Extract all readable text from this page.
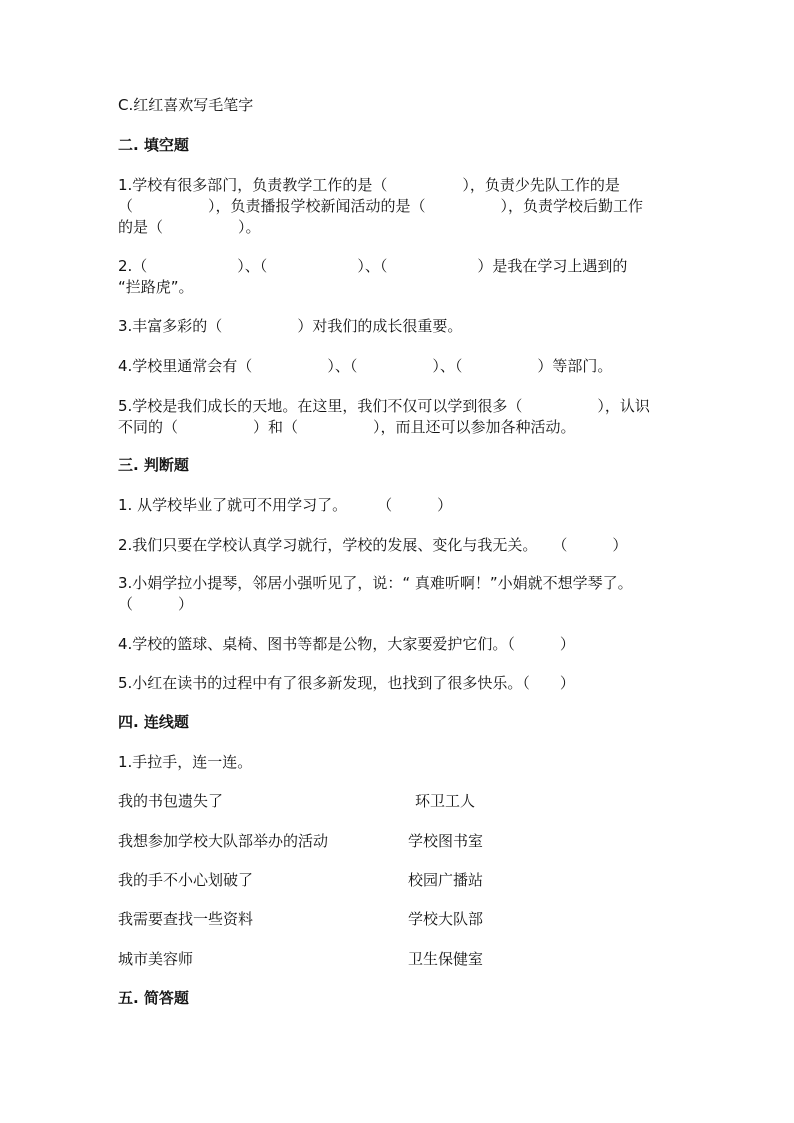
C.红红喜欢写毛笔字
二. 填空题
1.学校有很多部门，负责教学工作的是（　　　　　），负责少先队工作的是
（　　　　　），负责播报学校新闻活动的是（　　　　　），负责学校后勤工作
的是（　　　　　）。
2.（　　　　　　）、（　　　　　　）、（　　　　　　）是我在学习上遇到的
“拦路虎”。
3.丰富多彩的（　　　　　）对我们的成长很重要。
4.学校里通常会有（　　　　　）、（　　　　　）、（　　　　　）等部门。
5.学校是我们成长的天地。在这里，我们不仅可以学到很多（　　　　　），认识
不同的（　　　　　）和（　　　　　），而且还可以参加各种活动。
三. 判断题
1. 从学校毕业了就可不用学习了。　　　（　　　）
2.我们只要在学校认真学习就行，学校的发展、变化与我无关。　　（　　　）
3.小娟学拉小提琴，邻居小强听见了，说：“ 真难听啊！”小娟就不想学琴了。
（　　　）
4.学校的篮球、桌椅、图书等都是公物，大家要爱护它们。（　　　）
5.小红在读书的过程中有了很多新发现，也找到了很多快乐。（　　）
四. 连线题
1.手拉手，连一连。
我的书包遗失了	环卫工人
我想参加学校大队部举办的活动	学校图书室
我的手不小心划破了	校园广播站
我需要查找一些资料	学校大队部
城市美容师	卫生保健室
五. 简答题
